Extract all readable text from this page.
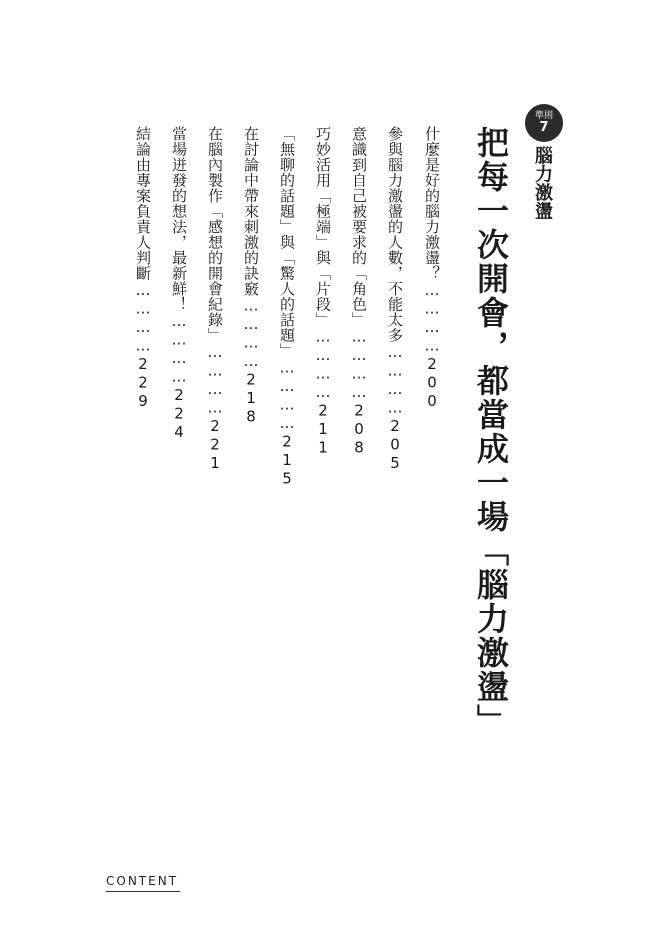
準則
7
腦力激盪
把每一次開會，都當成一場「腦力激盪」
什麼是好的腦力激盪？…………200
參與腦力激盪的人數，不能太多…………205
意識到自己被要求的「角色」…………208
巧妙活用「極端」與「片段」…………211
「無聊的話題」與「驚人的話題」…………215
在討論中帶來刺激的訣竅…………218
在腦內製作「感想的開會紀錄」…………221
當場迸發的想法，最新鮮！…………224
結論由專案負責人判斷…………229
CONTENT
